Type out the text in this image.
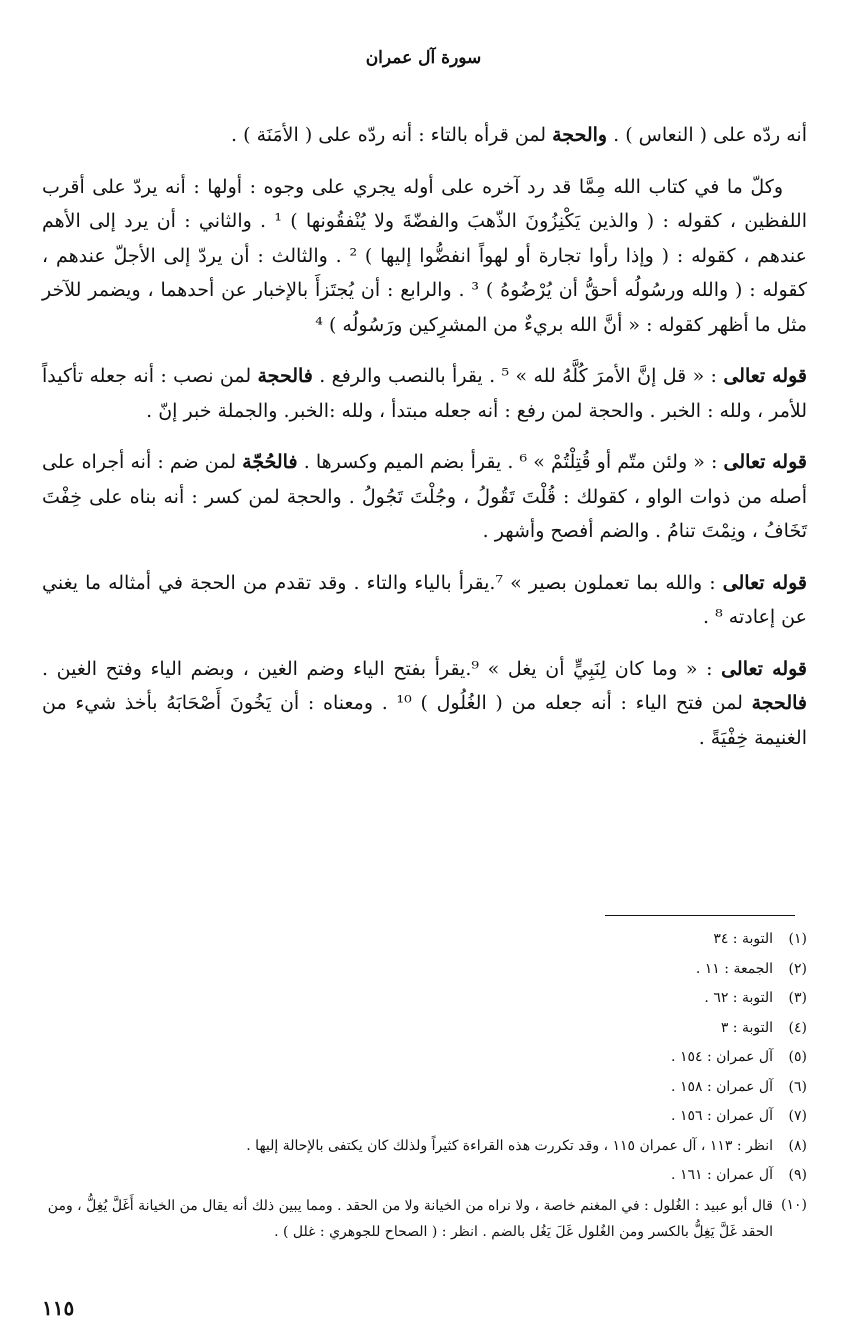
سورة آل عمران

أنه ردّه على ( النعاس ) . والحجة لمن قرأه بالتاء : أنه ردّه على ( الأمَنَة ) .

وكلّ ما في كتاب الله مِمَّا قد رد آخره على أوله يجري على وجوه : أولها : أنه يردّ على أقرب اللفظين ، كقوله : ( والذين يَكْنِزُونَ الذّهبَ والفضّةَ ولا يُنْفقُونها ) ¹ . والثاني : أن يرد إلى الأهم عندهم ، كقوله : ( وإذا رأوا تجارة أو لهواً انفضُّوا إليها ) ² . والثالث : أن يردّ إلى الأجلّ عندهم ، كقوله : ( والله ورسُولُه أحقُّ أن يُرْضُوهُ ) ³ . والرابع : أن يُجتَزأَ بالإخبار عن أحدهما ، ويضمر للآخر مثل ما أظهر كقوله : « أنَّ الله بريءٌ من المشرِكين ورَسُولُه ) ⁴

قوله تعالى : « قل إنَّ الأمرَ كُلَّهُ لله » ⁵ . يقرأ بالنصب والرفع . فالحجة لمن نصب : أنه جعله تأكيداً للأمر ، ولله : الخبر . والحجة لمن رفع : أنه جعله مبتدأ ، ولله :الخبر. والجملة خبر إنّ .

قوله تعالى : « ولئن متّم أو قُتِلْتُمْ » ⁶ . يقرأ بضم الميم وكسرها . فالحُجّة لمن ضم : أنه أجراه على أصله من ذوات الواو ، كقولك : قُلْتَ تَقُولُ ، وجُلْتَ تَجُولُ . والحجة لمن كسر : أنه بناه على خِفْتَ تَخَافُ ، ونِمْتَ تنامُ . والضم أفصح وأشهر .

قوله تعالى : والله بما تعملون بصير » ⁷.يقرأ بالياء والتاء . وقد تقدم من الحجة في أمثاله ما يغني عن إعادته ⁸ .

قوله تعالى : « وما كان لِنَبِيٍّ أن يغل » ⁹.يقرأ بفتح الياء وضم الغين ، وبضم الياء وفتح الغين . فالحجة لمن فتح الياء : أنه جعله من ( الغُلُول ) ¹⁰ . ومعناه : أن يَخُونَ أَصْحَابَهُ بأخذ شيء من الغنيمة خِفْيَةً .

(١)
التوبة : ٣٤
(٢)
الجمعة : ١١ .
(٣)
التوبة : ٦٢ .
(٤)
التوبة : ٣
(٥)
آل عمران : ١٥٤ .
(٦)
آل عمران : ١٥٨ .
(٧)
آل عمران : ١٥٦ .
(٨)
انظر : ١١٣ ، آل عمران ١١٥ ، وقد تكررت هذه القراءة كثيراً ولذلك كان يكتفى بالإحالة إليها .
(٩)
آل عمران : ١٦١ .
(١٠)
قال أبو عبيد : الغُلول : في المغنم خاصة ، ولا نراه من الخيانة ولا من الحقد . ومما يبين ذلك أنه يقال من الخيانة أَغَلَّ يُغِلُّ ، ومن الحقد غَلَّ يَغِلُّ بالكسر ومن الغُلول غَلَ يَغُل بالضم . انظر : ( الصحاح للجوهري : غلل ) .
١١٥
